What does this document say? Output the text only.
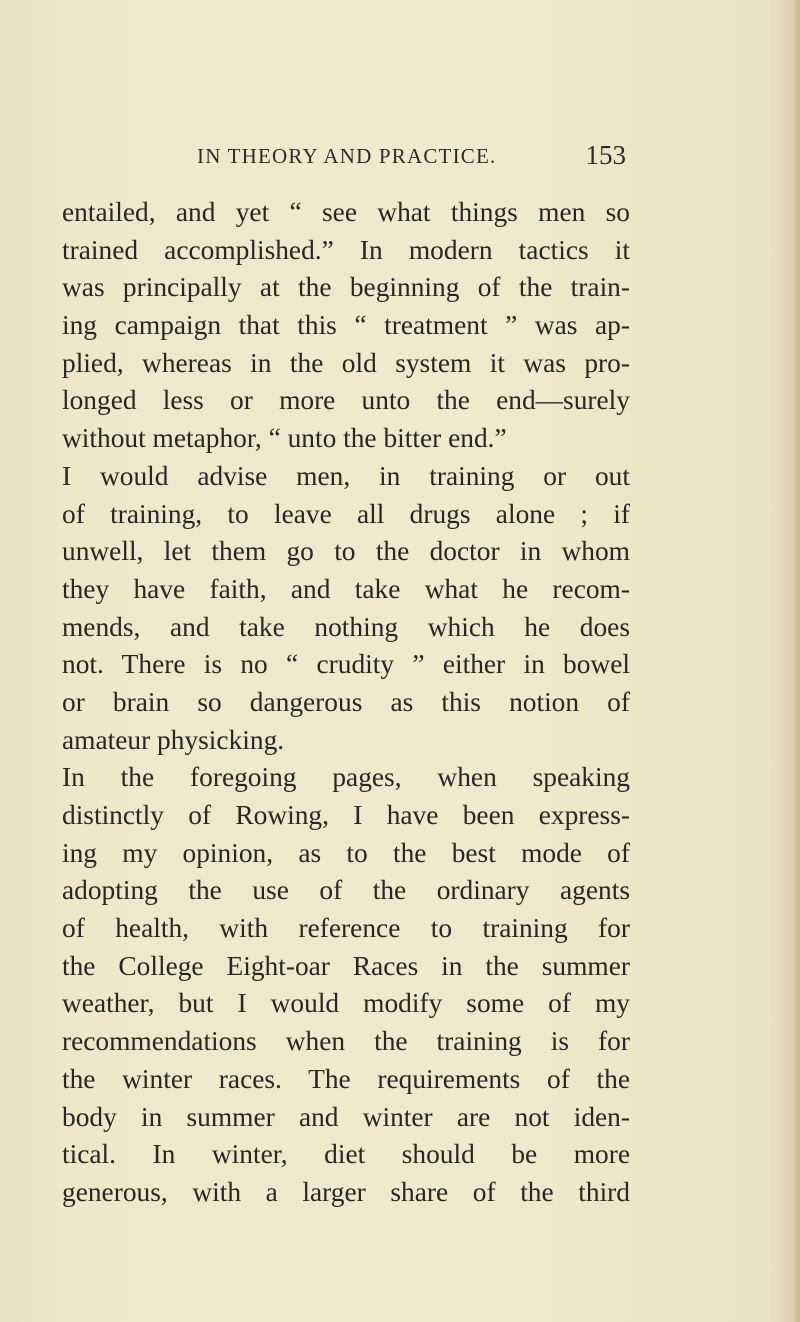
IN THEORY AND PRACTICE.	153
entailed, and yet “ see what things men so
trained accomplished.” In modern tactics it
was principally at the beginning of the train-
ing campaign that this “ treatment ” was ap-
plied, whereas in the old system it was pro-
longed less or more unto the end—surely
without metaphor, “ unto the bitter end.”
I would advise men, in training or out
of training, to leave all drugs alone ; if
unwell, let them go to the doctor in whom
they have faith, and take what he recom-
mends, and take nothing which he does
not. There is no “ crudity ” either in bowel
or brain so dangerous as this notion of
amateur physicking.
In the foregoing pages, when speaking
distinctly of Rowing, I have been express-
ing my opinion, as to the best mode of
adopting the use of the ordinary agents
of health, with reference to training for
the College Eight-oar Races in the summer
weather, but I would modify some of my
recommendations when the training is for
the winter races. The requirements of the
body in summer and winter are not iden-
tical. In winter, diet should be more
generous, with a larger share of the third
